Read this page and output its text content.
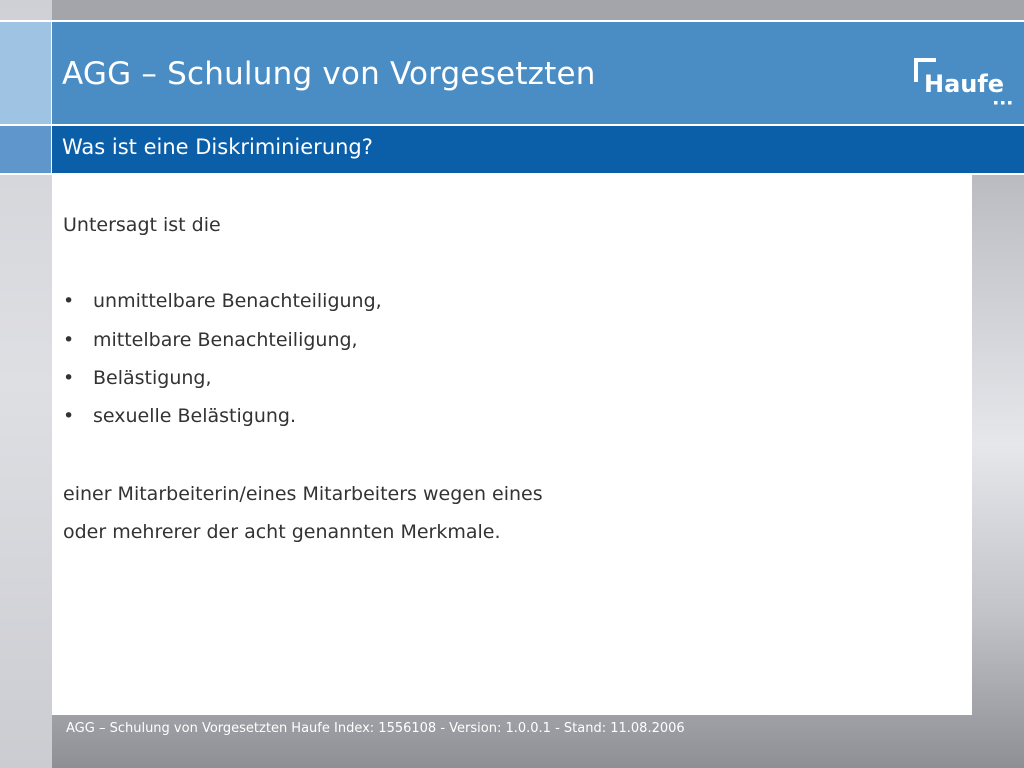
AGG – Schulung von Vorgesetzten	Haufe
Was ist eine Diskriminierung?
Untersagt ist die
• unmittelbare Benachteiligung,
• mittelbare Benachteiligung,
• Belästigung,
• sexuelle Belästigung.
einer Mitarbeiterin/eines Mitarbeiters wegen eines
oder mehrerer der acht genannten Merkmale.
AGG – Schulung von Vorgesetzten Haufe Index: 1556108 - Version: 1.0.0.1 - Stand: 11.08.2006
